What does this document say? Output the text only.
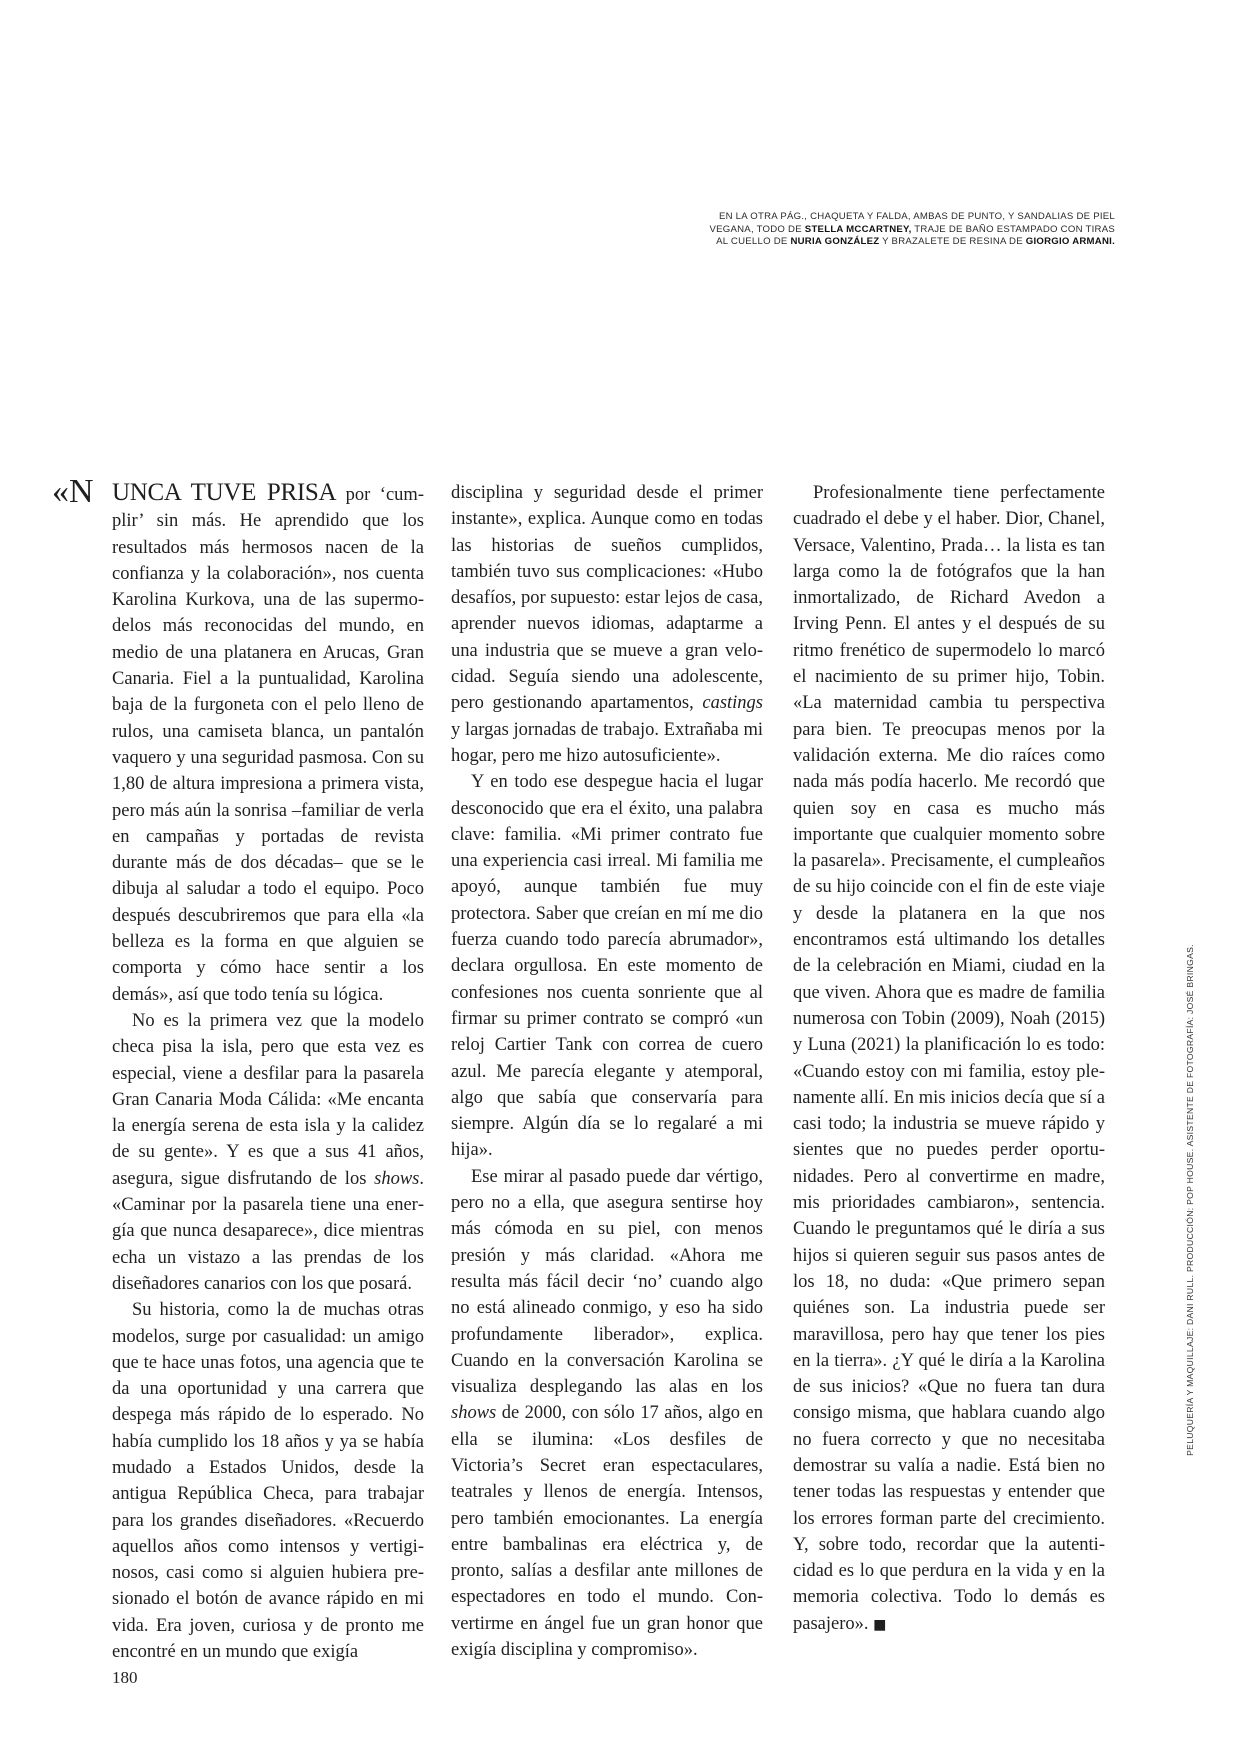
EN LA OTRA PÁG., CHAQUETA Y FALDA, AMBAS DE PUNTO, Y SANDALIAS DE PIEL VEGANA, TODO DE STELLA MCCARTNEY, TRAJE DE BAÑO ESTAMPADO CON TIRAS AL CUELLO DE NURIA GONZÁLEZ Y BRAZALETE DE RESINA DE GIORGIO ARMANI.

«N UNCA TUVE PRISA por ‘cumplir’ sin más. He aprendido que los resultados más hermosos nacen de la confianza y la colaboración», nos cuenta Karolina Kurkova, una de las supermodelos más reconocidas del mundo, en medio de una platanera en Arucas, Gran Canaria. Fiel a la puntualidad, Karolina baja de la furgoneta con el pelo lleno de rulos, una camiseta blanca, un pantalón vaquero y una seguridad pasmosa. Con su 1,80 de altura impresiona a primera vista, pero más aún la sonrisa –familiar de verla en campañas y portadas de revista durante más de dos décadas– que se le dibuja al saludar a todo el equipo. Poco después descubriremos que para ella «la belleza es la forma en que alguien se comporta y cómo hace sentir a los demás», así que todo tenía su lógica.

No es la primera vez que la modelo checa pisa la isla, pero que esta vez es especial, viene a desfilar para la pasarela Gran Canaria Moda Cálida: «Me encanta la energía serena de esta isla y la calidez de su gente». Y es que a sus 41 años, asegura, sigue disfrutando de los shows. «Caminar por la pasarela tiene una energía que nunca desaparece», dice mientras echa un vistazo a las prendas de los diseñadores canarios con los que posará.

Su historia, como la de muchas otras modelos, surge por casualidad: un amigo que te hace unas fotos, una agencia que te da una oportunidad y una carrera que despega más rápido de lo esperado. No había cumplido los 18 años y ya se había mudado a Estados Unidos, desde la antigua República Checa, para trabajar para los grandes diseñadores. «Recuerdo aquellos años como intensos y vertiginosos, casi como si alguien hubiera presionado el botón de avance rápido en mi vida. Era joven, curiosa y de pronto me encontré en un mundo que exigía

disciplina y seguridad desde el primer instante», explica. Aunque como en todas las historias de sueños cumplidos, también tuvo sus complicaciones: «Hubo desafíos, por supuesto: estar lejos de casa, aprender nuevos idiomas, adaptarme a una industria que se mueve a gran velocidad. Seguía siendo una adolescente, pero gestionando apartamentos, castings y largas jornadas de trabajo. Extrañaba mi hogar, pero me hizo autosuficiente».

Y en todo ese despegue hacia el lugar desconocido que era el éxito, una palabra clave: familia. «Mi primer contrato fue una experiencia casi irreal. Mi familia me apoyó, aunque también fue muy protectora. Saber que creían en mí me dio fuerza cuando todo parecía abrumador», declara orgullosa. En este momento de confesiones nos cuenta sonriente que al firmar su primer contrato se compró «un reloj Cartier Tank con correa de cuero azul. Me parecía elegante y atemporal, algo que sabía que conservaría para siempre. Algún día se lo regalaré a mi hija».

Ese mirar al pasado puede dar vértigo, pero no a ella, que asegura sentirse hoy más cómoda en su piel, con menos presión y más claridad. «Ahora me resulta más fácil decir ‘no’ cuando algo no está alineado conmigo, y eso ha sido profundamente liberador», explica. Cuando en la conversación Karolina se visualiza desplegando las alas en los shows de 2000, con sólo 17 años, algo en ella se ilumina: «Los desfiles de Victoria’s Secret eran espectaculares, teatrales y llenos de energía. Intensos, pero también emocionantes. La energía entre bambalinas era eléctrica y, de pronto, salías a desfilar ante millones de espectadores en todo el mundo. Convertirme en ángel fue un gran honor que exigía disciplina y compromiso».

Profesionalmente tiene perfectamente cuadrado el debe y el haber. Dior, Chanel, Versace, Valentino, Prada… la lista es tan larga como la de fotógrafos que la han inmortalizado, de Richard Avedon a Irving Penn. El antes y el después de su ritmo frenético de supermodelo lo marcó el nacimiento de su primer hijo, Tobin. «La maternidad cambia tu perspectiva para bien. Te preocupas menos por la validación externa. Me dio raíces como nada más podía hacerlo. Me recordó que quien soy en casa es mucho más importante que cualquier momento sobre la pasarela». Precisamente, el cumpleaños de su hijo coincide con el fin de este viaje y desde la platanera en la que nos encontramos está ultimando los detalles de la celebración en Miami, ciudad en la que viven. Ahora que es madre de familia numerosa con Tobin (2009), Noah (2015) y Luna (2021) la planificación lo es todo: «Cuando estoy con mi familia, estoy plenamente allí. En mis inicios decía que sí a casi todo; la industria se mueve rápido y sientes que no puedes perder oportunidades. Pero al convertirme en madre, mis prioridades cambiaron», sentencia. Cuando le preguntamos qué le diría a sus hijos si quieren seguir sus pasos antes de los 18, no duda: «Que primero sepan quiénes son. La industria puede ser maravillosa, pero hay que tener los pies en la tierra». ¿Y qué le diría a la Karolina de sus inicios? «Que no fuera tan dura consigo misma, que hablara cuando algo no fuera correcto y que no necesitaba demostrar su valía a nadie. Está bien no tener todas las respuestas y entender que los errores forman parte del crecimiento. Y, sobre todo, recordar que la autenticidad es lo que perdura en la vida y en la memoria colectiva. Todo lo demás es pasajero». ■

180
PELUQUERÍA Y MAQUILLAJE: DANI RULL. PRODUCCIÓN: POP HOUSE. ASISTENTE DE FOTOGRAFÍA: JOSÉ BRINGAS.
